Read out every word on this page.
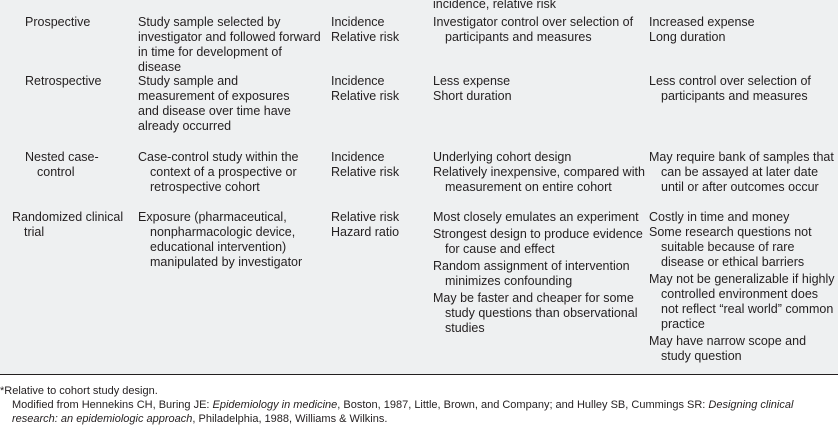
incidence, relative risk
Prospective	Study sample selected by investigator and followed forward in time for development of disease
Incidence
Relative risk

Investigator control over selection of participants and measures

Increased expense
Long duration
Retrospective	Study sample and measurement of exposures and disease over time have already occurred
Incidence
Relative risk
Less expense
Short duration

Less control over selection of participants and measures

Nested case-control
Case-control study within the context of a prospective or retrospective cohort
Incidence
Relative risk

Underlying cohort design

Relatively inexpensive, compared with measurement on entire cohort

May require bank of samples that can be assayed at later date until or after outcomes occur

Randomized clinical trial
Exposure (pharmaceutical, nonpharmacologic device, educational intervention) manipulated by investigator
Relative risk
Hazard ratio

Most closely emulates an experiment

Strongest design to produce evidence for cause and effect

Random assignment of intervention minimizes confounding

May be faster and cheaper for some study questions than observational studies

Costly in time and money

Some research questions not suitable because of rare disease or ethical barriers

May not be generalizable if highly controlled environment does not reflect “real world” common practice

May have narrow scope and study question

*Relative to cohort study design.

Modified from Hennekins CH, Buring JE: Epidemiology in medicine, Boston, 1987, Little, Brown, and Company; and Hulley SB, Cummings SR: Designing clinical research: an epidemiologic approach, Philadelphia, 1988, Williams & Wilkins.
